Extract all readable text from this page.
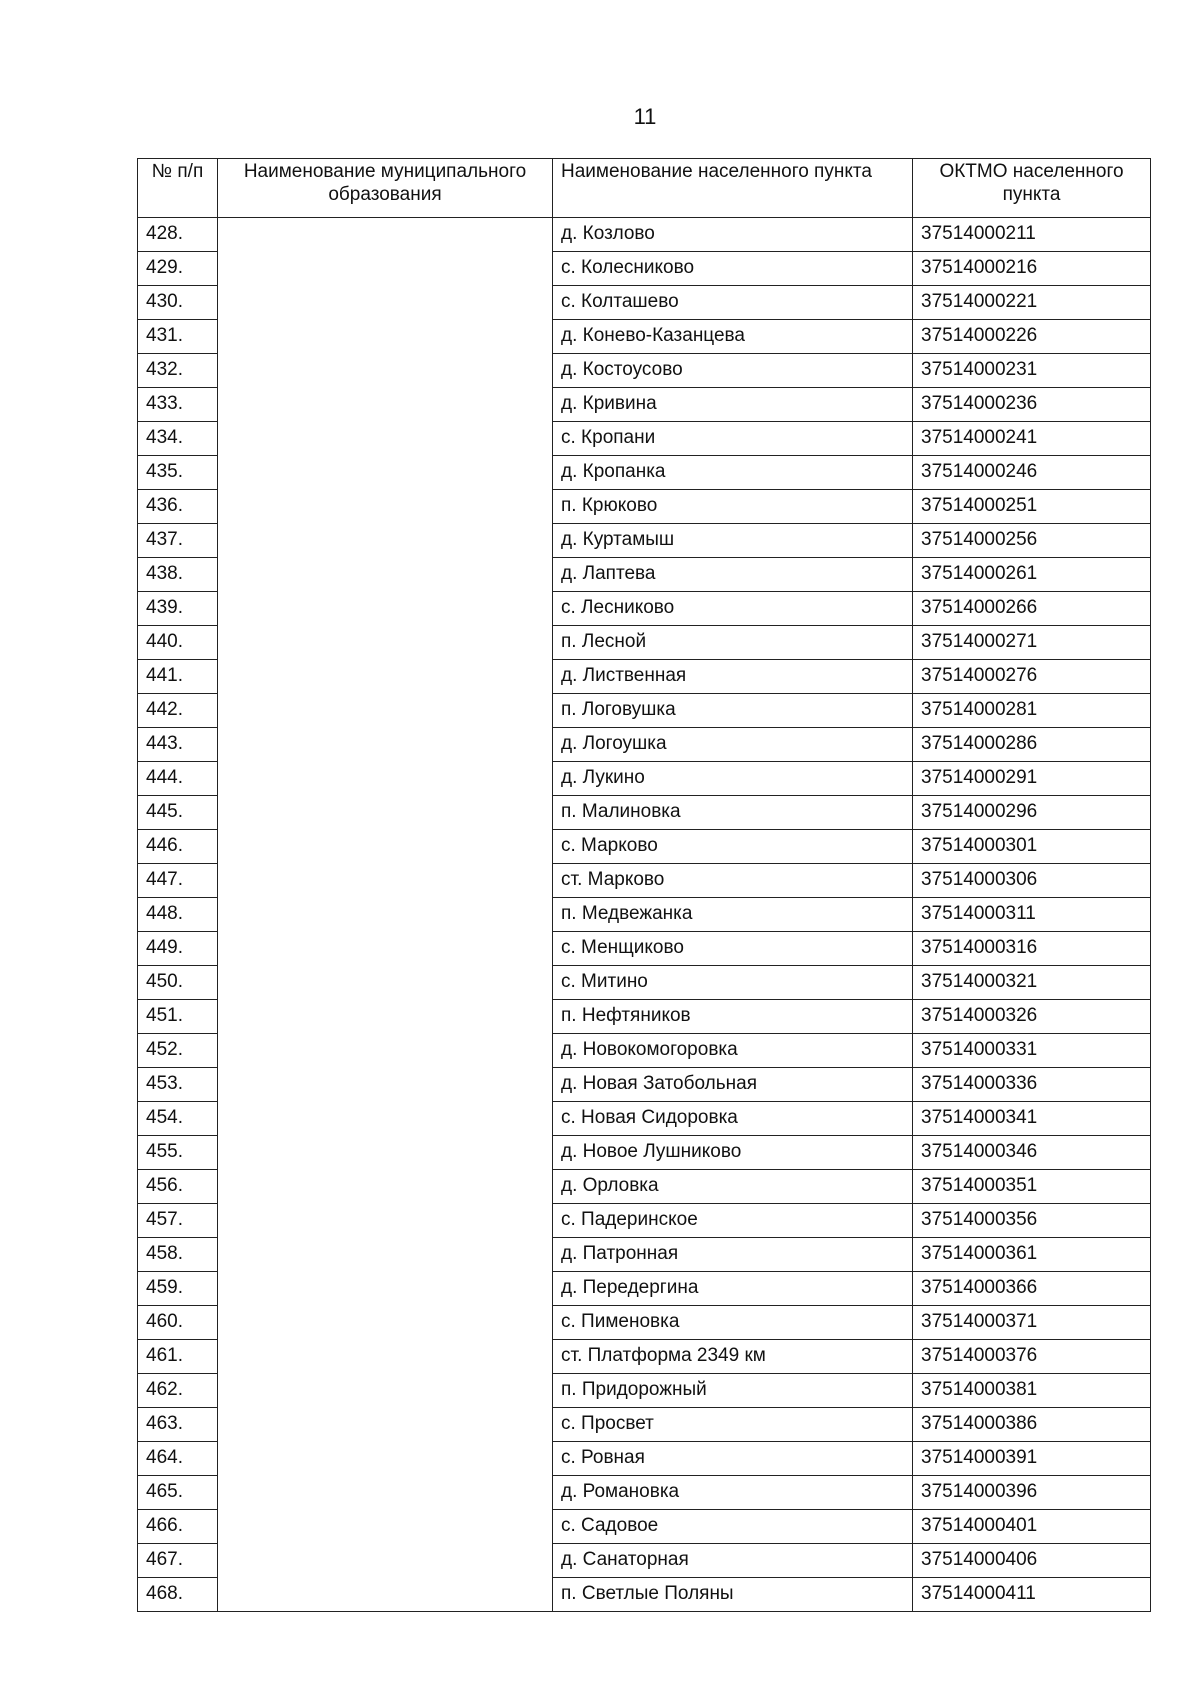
11
№ п/п	Наименование муниципального образования	Наименование населенного пункта	ОКТМО населенного пункта
428.		д. Козлово	37514000211
429.		с. Колесниково	37514000216
430.		с. Колташево	37514000221
431.		д. Конево-Казанцева	37514000226
432.		д. Костоусово	37514000231
433.		д. Кривина	37514000236
434.		с. Кропани	37514000241
435.		д. Кропанка	37514000246
436.		п. Крюково	37514000251
437.		д. Куртамыш	37514000256
438.		д. Лаптева	37514000261
439.		с. Лесниково	37514000266
440.		п. Лесной	37514000271
441.		д. Лиственная	37514000276
442.		п. Логовушка	37514000281
443.		д. Логоушка	37514000286
444.		д. Лукино	37514000291
445.		п. Малиновка	37514000296
446.		с. Марково	37514000301
447.		ст. Марково	37514000306
448.		п. Медвежанка	37514000311
449.		с. Менщиково	37514000316
450.		с. Митино	37514000321
451.		п. Нефтяников	37514000326
452.		д. Новокомогоровка	37514000331
453.		д. Новая Затобольная	37514000336
454.		с. Новая Сидоровка	37514000341
455.		д. Новое Лушниково	37514000346
456.		д. Орловка	37514000351
457.		с. Падеринское	37514000356
458.		д. Патронная	37514000361
459.		д. Передергина	37514000366
460.		с. Пименовка	37514000371
461.		ст. Платформа 2349 км	37514000376
462.		п. Придорожный	37514000381
463.		с. Просвет	37514000386
464.		с. Ровная	37514000391
465.		д. Романовка	37514000396
466.		с. Садовое	37514000401
467.		д. Санаторная	37514000406
468.		п. Светлые Поляны	37514000411
